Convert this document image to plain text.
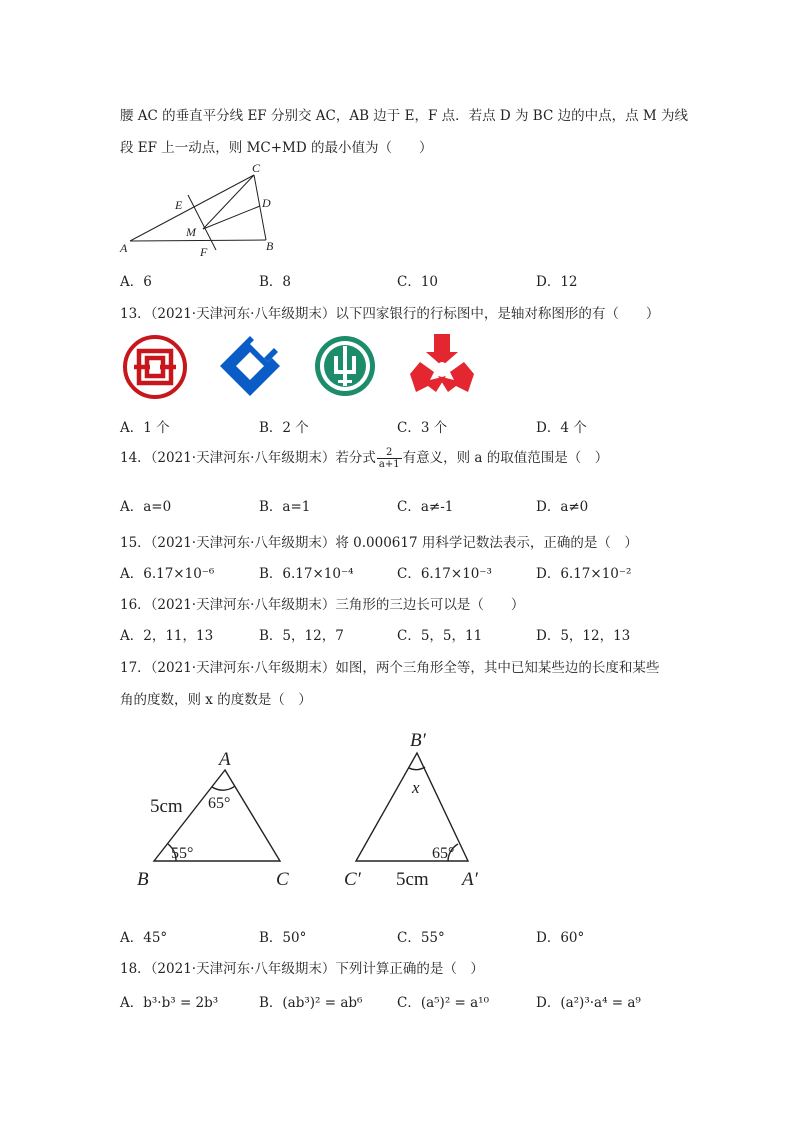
腰 AC 的垂直平分线 EF 分别交 AC，AB 边于 E，F 点．若点 D 为 BC 边的中点，点 M 为线
段 EF 上一动点，则 MC+MD 的最小值为（　　）
C
E	D
M
A	F	B
A．6	B．8	C．10	D．12
13．（2021·天津河东·八年级期末）以下四家银行的行标图中，是轴对称图形的有（　　）
A．1 个	B．2 个	C．3 个	D．4 个
14．（2021·天津河东·八年级期末）若分式 $\frac{2}{a+1}$ 有意义，则 a 的取值范围是（　）
A．a=0	B．a=1	C．a≠-1	D．a≠0
15．（2021·天津河东·八年级期末）将 0.000617 用科学记数法表示，正确的是（　）
A．6.17×10⁻⁶	B．6.17×10⁻⁴	C．6.17×10⁻³	D．6.17×10⁻²
16．（2021·天津河东·八年级期末）三角形的三边长可以是（　　）
A．2，11，13	B．5，12，7	C．5，5，11	D．5，12，13
17．（2021·天津河东·八年级期末）如图，两个三角形全等，其中已知某些边的长度和某些
角的度数，则 x 的度数是（　）
A
65°
5cm
55°
B	C
B′
x
65°
C′ 5cm A′
A．45°	B．50°	C．55°	D．60°
18．（2021·天津河东·八年级期末）下列计算正确的是（　）
A．b³·b³ = 2b³	B．(ab³)² = ab⁶	C．(a⁵)² = a¹⁰	D．(a²)³·a⁴ = a⁹
